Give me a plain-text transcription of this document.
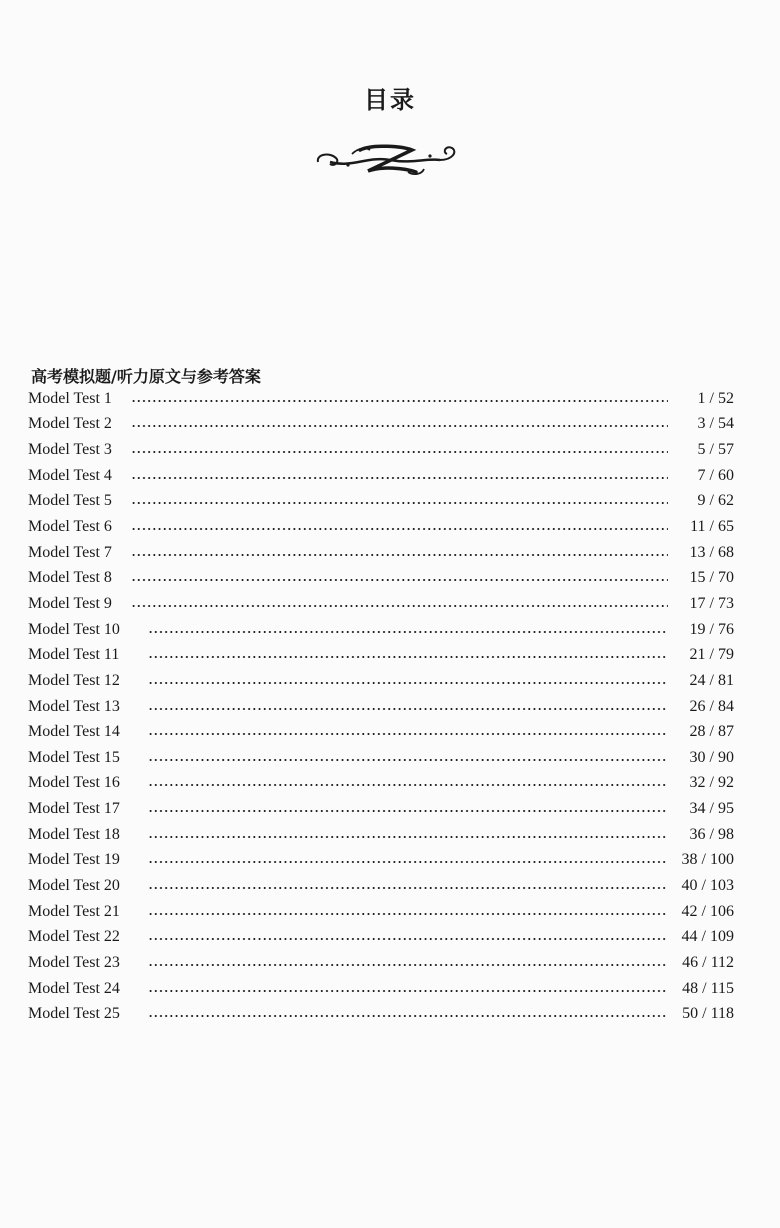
目录
高考模拟题/听力原文与参考答案
Model Test 1	1 / 52
Model Test 2	3 / 54
Model Test 3	5 / 57
Model Test 4	7 / 60
Model Test 5	9 / 62
Model Test 6	11 / 65
Model Test 7	13 / 68
Model Test 8	15 / 70
Model Test 9	17 / 73
Model Test 10	19 / 76
Model Test 11	21 / 79
Model Test 12	24 / 81
Model Test 13	26 / 84
Model Test 14	28 / 87
Model Test 15	30 / 90
Model Test 16	32 / 92
Model Test 17	34 / 95
Model Test 18	36 / 98
Model Test 19	38 / 100
Model Test 20	40 / 103
Model Test 21	42 / 106
Model Test 22	44 / 109
Model Test 23	46 / 112
Model Test 24	48 / 115
Model Test 25	50 / 118
